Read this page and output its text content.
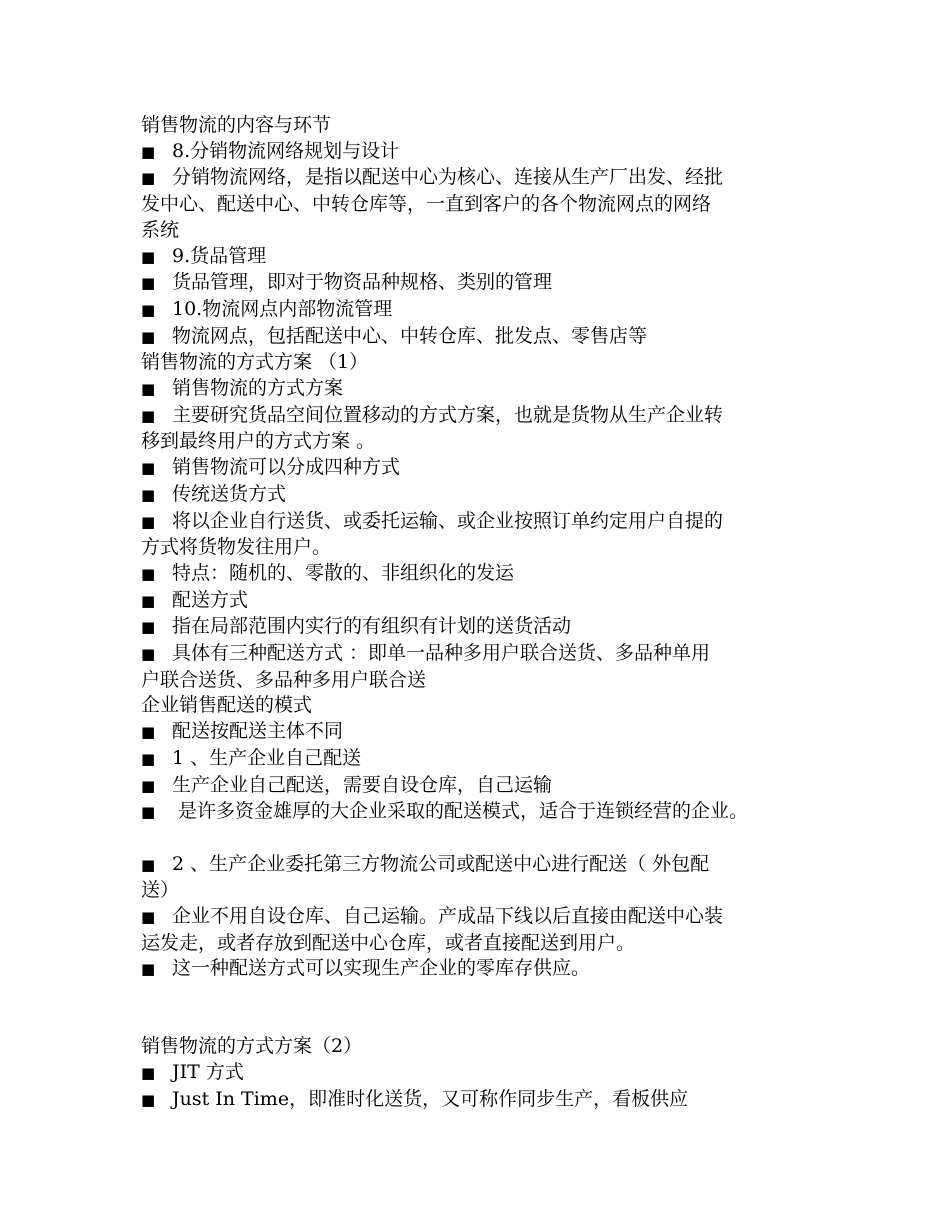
销售物流的内容与环节
■ 8.分销物流网络规划与设计
■ 分销物流网络，是指以配送中心为核心、连接从生产厂出发、经批
发中心、配送中心、中转仓库等，一直到客户的各个物流网点的网络
系统
■ 9.货品管理
■ 货品管理，即对于物资品种规格、类别的管理
■ 10.物流网点内部物流管理
■ 物流网点，包括配送中心、中转仓库、批发点、零售店等
销售物流的方式方案 （1）
■ 销售物流的方式方案
■ 主要研究货品空间位置移动的方式方案，也就是货物从生产企业转
移到最终用户的方式方案 。
■ 销售物流可以分成四种方式
■ 传统送货方式
■ 将以企业自行送货、或委托运输、或企业按照订单约定用户自提的
方式将货物发往用户。
■ 特点：随机的、零散的、非组织化的发运
■ 配送方式
■ 指在局部范围内实行的有组织有计划的送货活动
■ 具体有三种配送方式 ：即单一品种多用户联合送货、多品种单用
户联合送货、多品种多用户联合送
企业销售配送的模式
■ 配送按配送主体不同
■ 1 、生产企业自己配送
■ 生产企业自己配送，需要自设仓库，自己运输
■ 是许多资金雄厚的大企业采取的配送模式，适合于连锁经营的企业。
■ 2 、生产企业委托第三方物流公司或配送中心进行配送（ 外包配
送）
■ 企业不用自设仓库、自己运输。产成品下线以后直接由配送中心装
运发走，或者存放到配送中心仓库，或者直接配送到用户。
■ 这一种配送方式可以实现生产企业的零库存供应。
销售物流的方式方案（2）
■ JIT 方式
■ Just In Time，即准时化送货，又可称作同步生产，看板供应
